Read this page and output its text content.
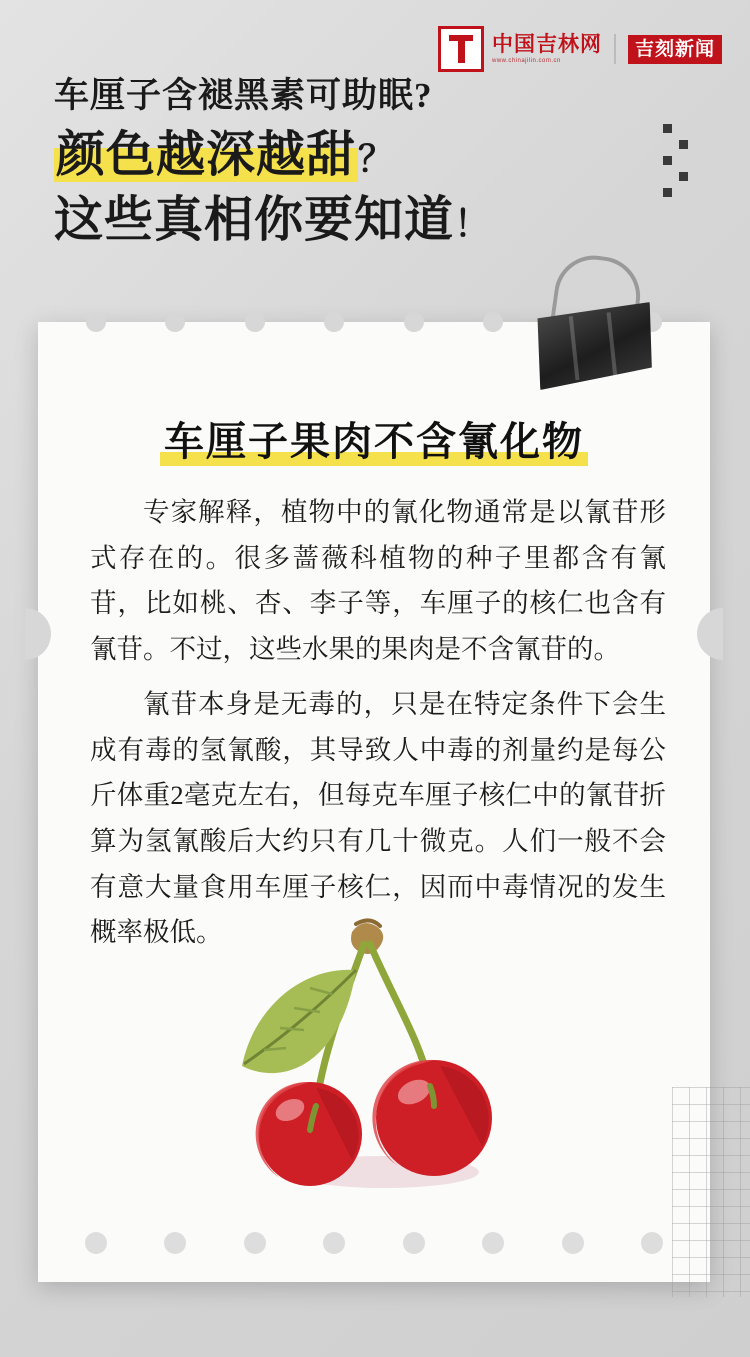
中国吉林网
www.chinajilin.com.cn
吉刻新闻
车厘子含褪黑素可助眠?
颜色越深越甜？
这些真相你要知道！
车厘子果肉不含氰化物

专家解释，植物中的氰化物通常是以氰苷形式存在的。很多蔷薇科植物的种子里都含有氰苷，比如桃、杏、李子等，车厘子的核仁也含有氰苷。不过，这些水果的果肉是不含氰苷的。

氰苷本身是无毒的，只是在特定条件下会生成有毒的氢氰酸，其导致人中毒的剂量约是每公斤体重2毫克左右，但每克车厘子核仁中的氰苷折算为氢氰酸后大约只有几十微克。人们一般不会有意大量食用车厘子核仁，因而中毒情况的发生概率极低。
